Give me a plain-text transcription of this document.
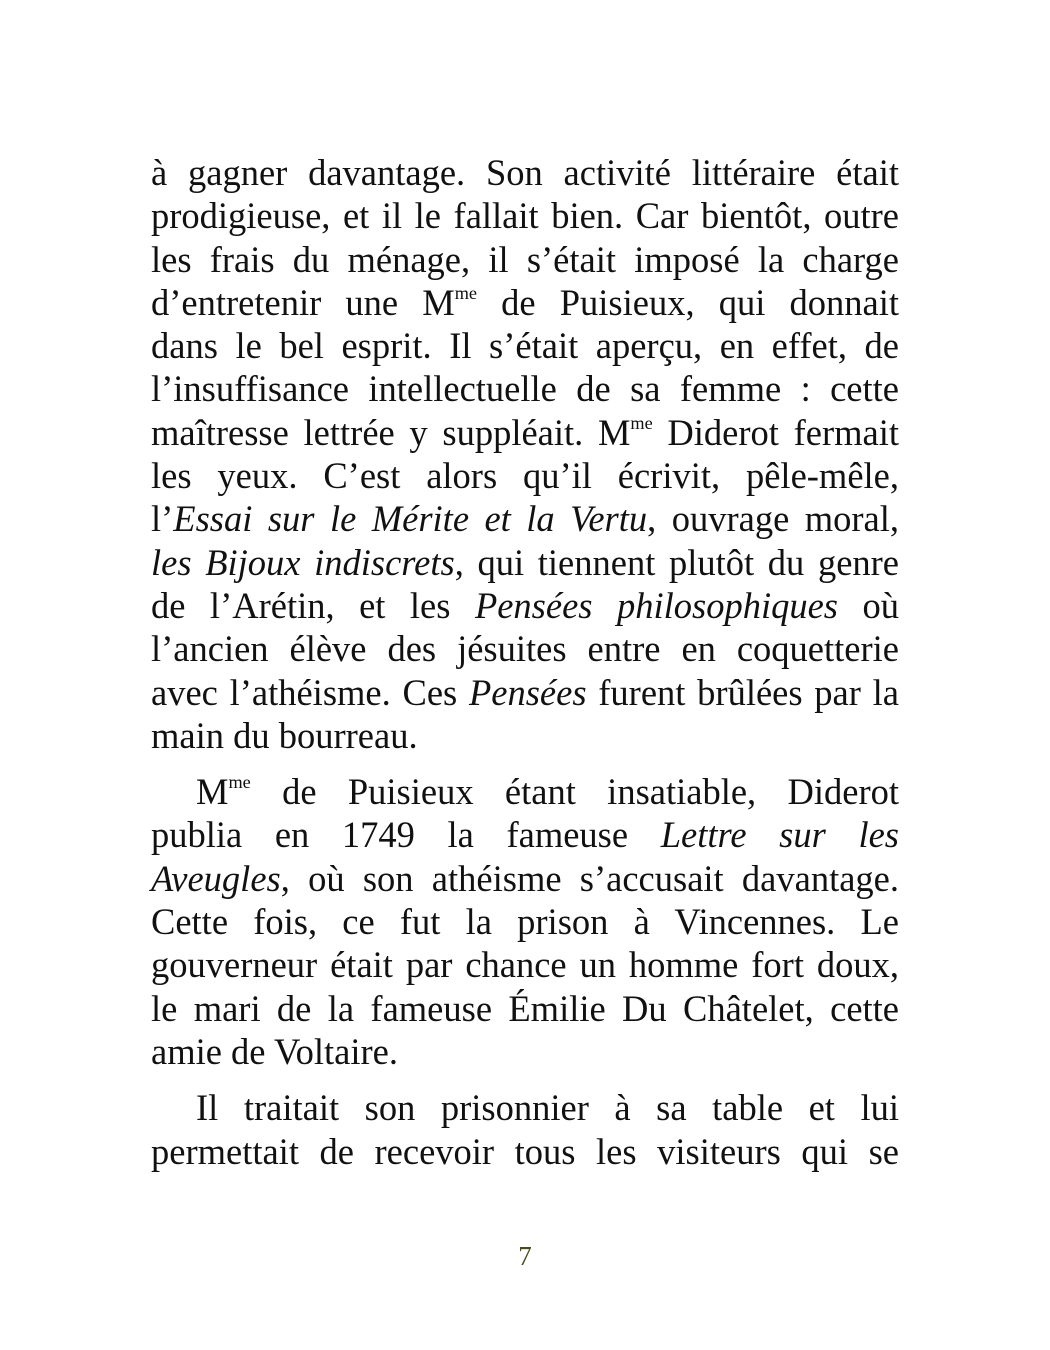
à gagner davantage. Son activité littéraire était
prodigieuse, et il le fallait bien. Car bientôt, outre
les frais du ménage, il s’était imposé la charge
d’entretenir une $M^{me}$ de Puisieux, qui donnait
dans le bel esprit. Il s’était aperçu, en effet, de
l’insuffisance intellectuelle de sa femme : cette
maîtresse lettrée y suppléait. $M^{me}$ Diderot fermait
les yeux. C’est alors qu’il écrivit, pêle-mêle,
l’Essai sur le Mérite et la Vertu, ouvrage moral,
les Bijoux indiscrets, qui tiennent plutôt du genre
de l’Arétin, et les Pensées philosophiques où
l’ancien élève des jésuites entre en coquetterie
avec l’athéisme. Ces Pensées furent brûlées par la
main du bourreau.
$M^{me}$ de Puisieux étant insatiable, Diderot
publia en 1749 la fameuse Lettre sur les
Aveugles, où son athéisme s’accusait davantage.
Cette fois, ce fut la prison à Vincennes. Le
gouverneur était par chance un homme fort doux,
le mari de la fameuse Émilie Du Châtelet, cette
amie de Voltaire.
Il traitait son prisonnier à sa table et lui
permettait de recevoir tous les visiteurs qui se
7
